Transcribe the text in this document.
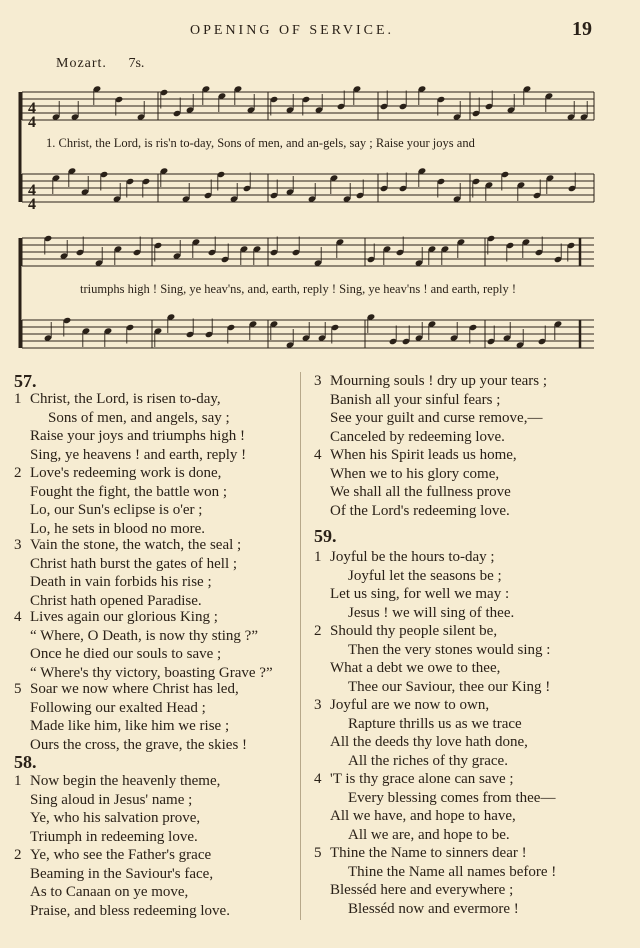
OPENING OF SERVICE.	19
Mozart. 7s.
4
4
4
4
1. Christ, the Lord, is ris'n to-day, Sons of men, and an-gels, say ; Raise your joys and
triumphs high ! Sing, ye heav'ns, and, earth, reply ! Sing, ye heav'ns ! and earth, reply !
57.
1 Christ, the Lord, is risen to-day,
Sons of men, and angels, say ;
Raise your joys and triumphs high !
Sing, ye heavens ! and earth, reply !
2 Love's redeeming work is done,
Fought the fight, the battle won ;
Lo, our Sun's eclipse is o'er ;
Lo, he sets in blood no more.
3 Vain the stone, the watch, the seal ;
Christ hath burst the gates of hell ;
Death in vain forbids his rise ;
Christ hath opened Paradise.
4 Lives again our glorious King ;
“ Where, O Death, is now thy sting ?”
Once he died our souls to save ;
“ Where's thy victory, boasting Grave ?”
5 Soar we now where Christ has led,
Following our exalted Head ;
Made like him, like him we rise ;
Ours the cross, the grave, the skies !
58.
1 Now begin the heavenly theme,
Sing aloud in Jesus' name ;
Ye, who his salvation prove,
Triumph in redeeming love.
2 Ye, who see the Father's grace
Beaming in the Saviour's face,
As to Canaan on ye move,
Praise, and bless redeeming love.
3 Mourning souls ! dry up your tears ;
Banish all your sinful fears ;
See your guilt and curse remove,—
Canceled by redeeming love.
4 When his Spirit leads us home,
When we to his glory come,
We shall all the fullness prove
Of the Lord's redeeming love.
59.
1 Joyful be the hours to-day ;
Joyful let the seasons be ;
Let us sing, for well we may :
Jesus ! we will sing of thee.
2 Should thy people silent be,
Then the very stones would sing :
What a debt we owe to thee,
Thee our Saviour, thee our King !
3 Joyful are we now to own,
Rapture thrills us as we trace
All the deeds thy love hath done,
All the riches of thy grace.
4 'T is thy grace alone can save ;
Every blessing comes from thee—
All we have, and hope to have,
All we are, and hope to be.
5 Thine the Name to sinners dear !
Thine the Name all names before !
Blesséd here and everywhere ;
Blesséd now and evermore !
